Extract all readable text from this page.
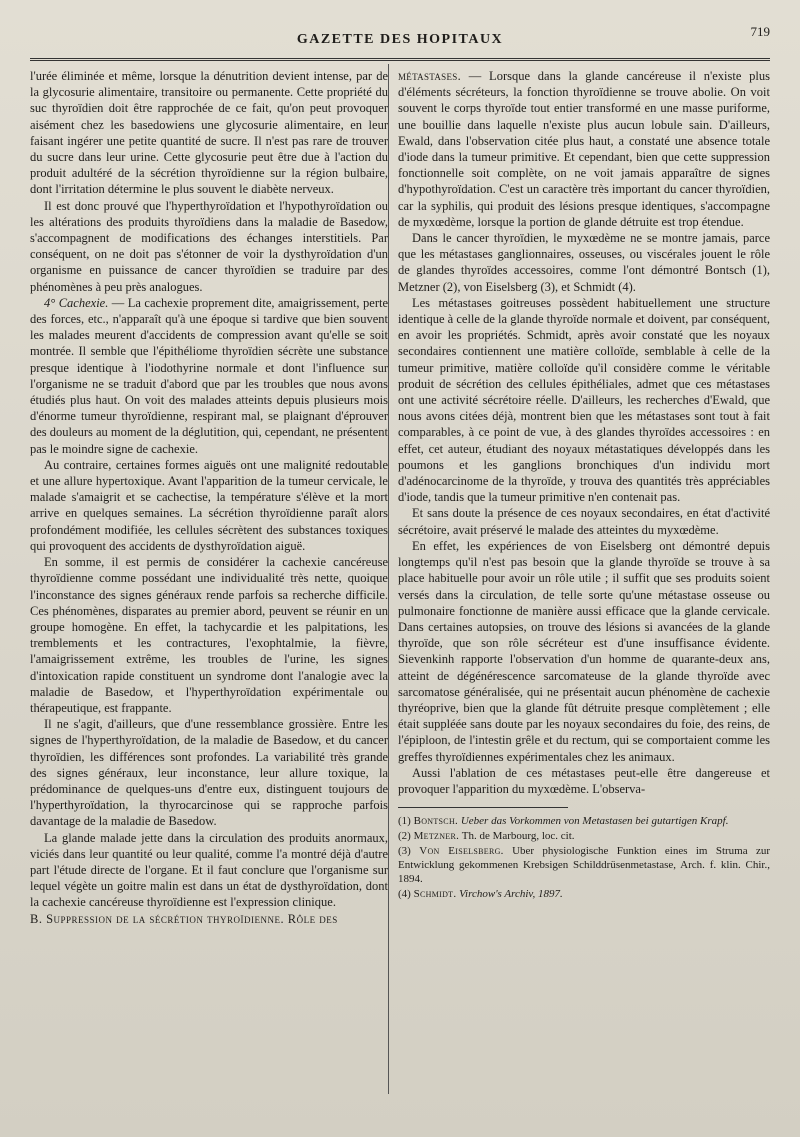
GAZETTE DES HOPITAUX
719

l'urée éliminée et même, lorsque la dénutrition devient intense, par de la glycosurie alimentaire, transitoire ou permanente. Cette propriété du suc thyroïdien doit être rapprochée de ce fait, qu'on peut provoquer aisément chez les basedowiens une glycosurie alimentaire, en leur faisant ingérer une petite quantité de sucre. Il n'est pas rare de trouver du sucre dans leur urine. Cette glycosurie peut être due à l'action du produit adultéré de la sécrétion thyroïdienne sur la région bulbaire, dont l'irritation détermine le plus souvent le diabète nerveux.

Il est donc prouvé que l'hyperthyroïdation et l'hypothyroïdation ou les altérations des produits thyroïdiens dans la maladie de Basedow, s'accompagnent de modifications des échanges interstitiels. Par conséquent, on ne doit pas s'étonner de voir la dysthyroïdation d'un organisme en puissance de cancer thyroïdien se traduire par des phénomènes à peu près analogues.

4° Cachexie. — La cachexie proprement dite, amaigrissement, perte des forces, etc., n'apparaît qu'à une époque si tardive que bien souvent les malades meurent d'accidents de compression avant qu'elle se soit montrée. Il semble que l'épithéliome thyroïdien sécrète une substance presque identique à l'iodothyrine normale et dont l'influence sur l'organisme ne se traduit d'abord que par les troubles que nous avons étudiés plus haut. On voit des malades atteints depuis plusieurs mois d'énorme tumeur thyroïdienne, respirant mal, se plaignant d'éprouver des douleurs au moment de la déglutition, qui, cependant, ne présentent pas le moindre signe de cachexie.

Au contraire, certaines formes aiguës ont une malignité redoutable et une allure hypertoxique. Avant l'apparition de la tumeur cervicale, le malade s'amaigrit et se cachectise, la température s'élève et la mort arrive en quelques semaines. La sécrétion thyroïdienne paraît alors profondément modifiée, les cellules sécrètent des substances toxiques qui provoquent des accidents de dysthyroïdation aiguë.

En somme, il est permis de considérer la cachexie cancéreuse thyroïdienne comme possédant une individualité très nette, quoique l'inconstance des signes généraux rende parfois sa recherche difficile. Ces phénomènes, disparates au premier abord, peuvent se réunir en un groupe homogène. En effet, la tachycardie et les palpitations, les tremblements et les contractures, l'exophtalmie, la fièvre, l'amaigrissement extrême, les troubles de l'urine, les signes d'intoxication rapide constituent un syndrome dont l'analogie avec la maladie de Basedow, et l'hyperthyroïdation expérimentale ou thérapeutique, est frappante.

Il ne s'agit, d'ailleurs, que d'une ressemblance grossière. Entre les signes de l'hyperthyroïdation, de la maladie de Basedow, et du cancer thyroïdien, les différences sont profondes. La variabilité très grande des signes généraux, leur inconstance, leur allure toxique, la prédominance de quelques-uns d'entre eux, distinguent toujours de l'hyperthyroïdation, la thyrocarcinose qui se rapproche parfois davantage de la maladie de Basedow.

La glande malade jette dans la circulation des produits anormaux, viciés dans leur quantité ou leur qualité, comme l'a montré déjà d'autre part l'étude directe de l'organe. Et il faut conclure que l'organisme sur lequel végète un goitre malin est dans un état de dysthyroïdation, dont la cachexie cancéreuse thyroïdienne est l'expression clinique.

B. Suppression de la sécrétion thyroïdienne. Rôle des

métastases. — Lorsque dans la glande cancéreuse il n'existe plus d'éléments sécréteurs, la fonction thyroïdienne se trouve abolie. On voit souvent le corps thyroïde tout entier transformé en une masse puriforme, une bouillie dans laquelle n'existe plus aucun lobule sain. D'ailleurs, Ewald, dans l'observation citée plus haut, a constaté une absence totale d'iode dans la tumeur primitive. Et cependant, bien que cette suppression fonctionnelle soit complète, on ne voit jamais apparaître de signes d'hypothyroïdation. C'est un caractère très important du cancer thyroïdien, car la syphilis, qui produit des lésions presque identiques, s'accompagne de myxœdème, lorsque la portion de glande détruite est trop étendue.

Dans le cancer thyroïdien, le myxœdème ne se montre jamais, parce que les métastases ganglionnaires, osseuses, ou viscérales jouent le rôle de glandes thyroïdes accessoires, comme l'ont démontré Bontsch (1), Metzner (2), von Eiselsberg (3), et Schmidt (4).

Les métastases goitreuses possèdent habituellement une structure identique à celle de la glande thyroïde normale et doivent, par conséquent, en avoir les propriétés. Schmidt, après avoir constaté que les noyaux secondaires contiennent une matière colloïde, semblable à celle de la tumeur primitive, matière colloïde qu'il considère comme le véritable produit de sécrétion des cellules épithéliales, admet que ces métastases ont une activité sécrétoire réelle. D'ailleurs, les recherches d'Ewald, que nous avons citées déjà, montrent bien que les métastases sont tout à fait comparables, à ce point de vue, à des glandes thyroïdes accessoires : en effet, cet auteur, étudiant des noyaux métastatiques développés dans les poumons et les ganglions bronchiques d'un individu mort d'adénocarcinome de la thyroïde, y trouva des quantités très appréciables d'iode, tandis que la tumeur primitive n'en contenait pas.

Et sans doute la présence de ces noyaux secondaires, en état d'activité sécrétoire, avait préservé le malade des atteintes du myxœdème.

En effet, les expériences de von Eiselsberg ont démontré depuis longtemps qu'il n'est pas besoin que la glande thyroïde se trouve à sa place habituelle pour avoir un rôle utile ; il suffit que ses produits soient versés dans la circulation, de telle sorte qu'une métastase osseuse ou pulmonaire fonctionne de manière aussi efficace que la glande cervicale. Dans certaines autopsies, on trouve des lésions si avancées de la glande thyroïde, que son rôle sécréteur est d'une insuffisance évidente. Sievenkinh rapporte l'observation d'un homme de quarante-deux ans, atteint de dégénérescence sarcomateuse de la glande thyroïde avec sarcomatose généralisée, qui ne présentait aucun phénomène de cachexie thyréoprive, bien que la glande fût détruite presque complètement ; elle était suppléée sans doute par les noyaux secondaires du foie, des reins, de l'épiploon, de l'intestin grêle et du rectum, qui se comportaient comme les greffes thyroïdiennes expérimentales chez les animaux.

Aussi l'ablation de ces métastases peut-elle être dangereuse et provoquer l'apparition du myxœdème. L'observa-

(1) Bontsch. Ueber das Vorkommen von Metastasen bei gutartigen Krapf.
(2) Metzner. Th. de Marbourg, loc. cit.
(3) Von Eiselsberg. Uber physiologische Funktion eines im Struma zur Entwicklung gekommenen Krebsigen Schilddrüsenmetastase, Arch. f. klin. Chir., 1894.
(4) Schmidt. Virchow's Archiv, 1897.
